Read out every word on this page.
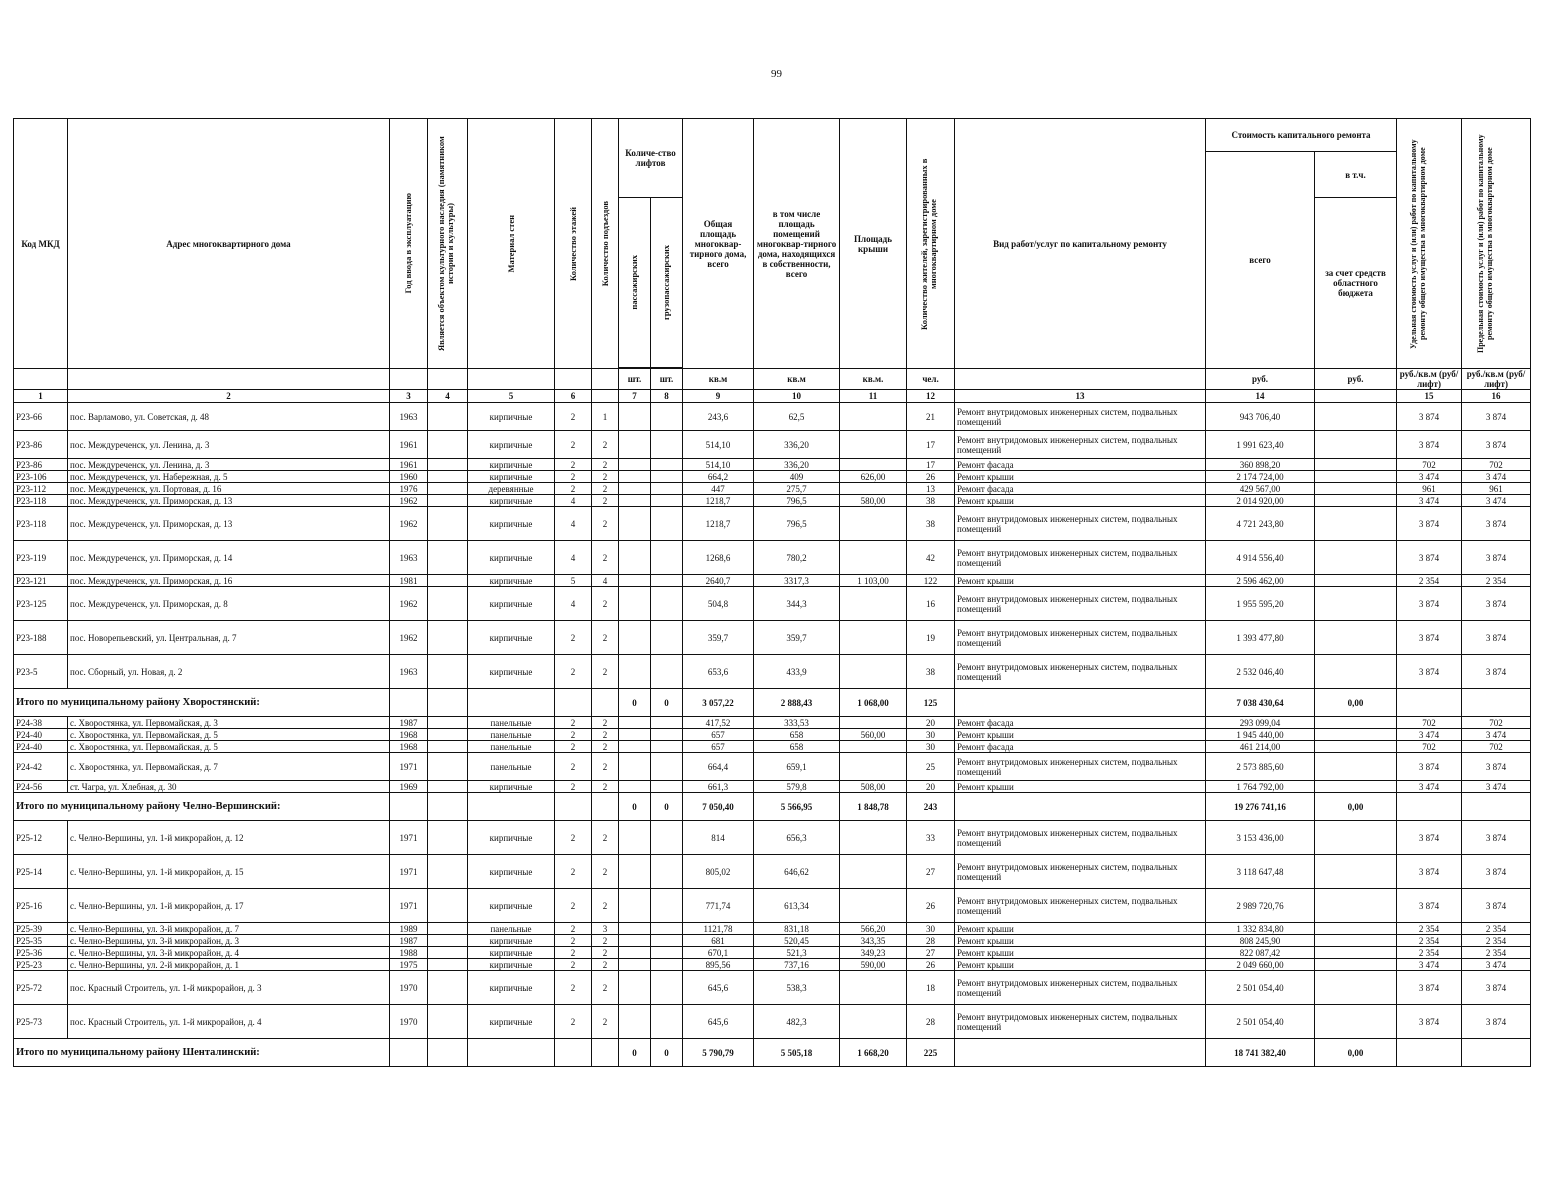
99
Код МКД	Адрес многоквартирного дома	Год ввода в эксплуатацию	Является объектом культурного наследия (памятником истории и культуры)	Материал стен	Количество этажей	Количество подъездов	Количе-ство лифтов		Общая площадь многоквар-тирного дома, всего	в том числе площадь помещений многоквар-тирного дома, находящихся в собственности, всего	Площадь крыши	Количество жителей, зарегистрированных в многоквартирном доме	Вид работ/услуг по капитальному ремонту	Стоимость капитального ремонта		Удельная стоимость услуг и (или) работ по капитальному ремонту общего имущества в многоквартирном доме	Предельная стоимость услуг и (или) работ по капитальному ремонту общего имущества в многоквартирном доме

														всего	в т.ч.		

							пассажирских	грузопассажирских							за счет средств областного бюджета		

							шт.	шт.	кв.м	кв.м	кв.м.	чел.		руб.	руб.	руб./кв.м (руб/лифт)	руб./кв.м (руб/лифт)
1	2	3	4	5	6		7	8	9	10	11	12	13	14		15	16
Р23-66	пос. Варламово, ул. Советская, д. 48	1963		кирпичные	2	1			243,6	62,5		21	Ремонт внутридомовых инженерных систем, подвальных помещений	943 706,40		3 874	3 874
Р23-86	пос. Междуреченск, ул. Ленина, д. 3	1961		кирпичные	2	2			514,10	336,20		17	Ремонт внутридомовых инженерных систем, подвальных помещений	1 991 623,40		3 874	3 874
Р23-86	пос. Междуреченск, ул. Ленина, д. 3	1961		кирпичные	2	2			514,10	336,20		17	Ремонт фасада	360 898,20		702	702
Р23-106	пос. Междуреченск, ул. Набережная, д. 5	1960		кирпичные	2	2			664,2	409	626,00	26	Ремонт крыши	2 174 724,00		3 474	3 474
Р23-112	пос. Междуреченск, ул. Портовая, д. 16	1976		деревянные	2	2			447	275,7		13	Ремонт фасада	429 567,00		961	961
Р23-118	пос. Междуреченск, ул. Приморская, д. 13	1962		кирпичные	4	2			1218,7	796,5	580,00	38	Ремонт крыши	2 014 920,00		3 474	3 474
Р23-118	пос. Междуреченск, ул. Приморская, д. 13	1962		кирпичные	4	2			1218,7	796,5		38	Ремонт внутридомовых инженерных систем, подвальных помещений	4 721 243,80		3 874	3 874
Р23-119	пос. Междуреченск, ул. Приморская, д. 14	1963		кирпичные	4	2			1268,6	780,2		42	Ремонт внутридомовых инженерных систем, подвальных помещений	4 914 556,40		3 874	3 874
Р23-121	пос. Междуреченск, ул. Приморская, д. 16	1981		кирпичные	5	4			2640,7	3317,3	1 103,00	122	Ремонт крыши	2 596 462,00		2 354	2 354
Р23-125	пос. Междуреченск, ул. Приморская, д. 8	1962		кирпичные	4	2			504,8	344,3		16	Ремонт внутридомовых инженерных систем, подвальных помещений	1 955 595,20		3 874	3 874
Р23-188	пос. Новорепьевский, ул. Центральная, д. 7	1962		кирпичные	2	2			359,7	359,7		19	Ремонт внутридомовых инженерных систем, подвальных помещений	1 393 477,80		3 874	3 874
Р23-5	пос. Сборный, ул. Новая, д. 2	1963		кирпичные	2	2			653,6	433,9		38	Ремонт внутридомовых инженерных систем, подвальных помещений	2 532 046,40		3 874	3 874
Итого по муниципальному району Хворостянский:							0	0	3 057,22	2 888,43	1 068,00	125		7 038 430,64	0,00		
Р24-38	с. Хворостянка, ул. Первомайская, д. 3	1987		панельные	2	2			417,52	333,53		20	Ремонт фасада	293 099,04		702	702
Р24-40	с. Хворостянка, ул. Первомайская, д. 5	1968		панельные	2	2			657	658	560,00	30	Ремонт крыши	1 945 440,00		3 474	3 474
Р24-40	с. Хворостянка, ул. Первомайская, д. 5	1968		панельные	2	2			657	658		30	Ремонт фасада	461 214,00		702	702
Р24-42	с. Хворостянка, ул. Первомайская, д. 7	1971		панельные	2	2			664,4	659,1		25	Ремонт внутридомовых инженерных систем, подвальных помещений	2 573 885,60		3 874	3 874
Р24-56	ст. Чагра, ул. Хлебная, д. 30	1969		кирпичные	2	2			661,3	579,8	508,00	20	Ремонт крыши	1 764 792,00		3 474	3 474
Итого по муниципальному району Челно-Вершинский:							0	0	7 050,40	5 566,95	1 848,78	243		19 276 741,16	0,00		
Р25-12	с. Челно-Вершины, ул. 1-й микрорайон, д. 12	1971		кирпичные	2	2			814	656,3		33	Ремонт внутридомовых инженерных систем, подвальных помещений	3 153 436,00		3 874	3 874
Р25-14	с. Челно-Вершины, ул. 1-й микрорайон, д. 15	1971		кирпичные	2	2			805,02	646,62		27	Ремонт внутридомовых инженерных систем, подвальных помещений	3 118 647,48		3 874	3 874
Р25-16	с. Челно-Вершины, ул. 1-й микрорайон, д. 17	1971		кирпичные	2	2			771,74	613,34		26	Ремонт внутридомовых инженерных систем, подвальных помещений	2 989 720,76		3 874	3 874
Р25-39	с. Челно-Вершины, ул. 3-й микрорайон, д. 7	1989		панельные	2	3			1121,78	831,18	566,20	30	Ремонт крыши	1 332 834,80		2 354	2 354
Р25-35	с. Челно-Вершины, ул. 3-й микрорайон, д. 3	1987		кирпичные	2	2			681	520,45	343,35	28	Ремонт крыши	808 245,90		2 354	2 354
Р25-36	с. Челно-Вершины, ул. 3-й микрорайон, д. 4	1988		кирпичные	2	2			670,1	521,3	349,23	27	Ремонт крыши	822 087,42		2 354	2 354
Р25-23	с. Челно-Вершины, ул. 2-й микрорайон, д. 1	1975		кирпичные	2	2			895,56	737,16	590,00	26	Ремонт крыши	2 049 660,00		3 474	3 474
Р25-72	пос. Красный Строитель, ул. 1-й микрорайон, д. 3	1970		кирпичные	2	2			645,6	538,3		18	Ремонт внутридомовых инженерных систем, подвальных помещений	2 501 054,40		3 874	3 874
Р25-73	пос. Красный Строитель, ул. 1-й микрорайон, д. 4	1970		кирпичные	2	2			645,6	482,3		28	Ремонт внутридомовых инженерных систем, подвальных помещений	2 501 054,40		3 874	3 874
Итого по муниципальному району Шенталинский:							0	0	5 790,79	5 505,18	1 668,20	225		18 741 382,40	0,00		
